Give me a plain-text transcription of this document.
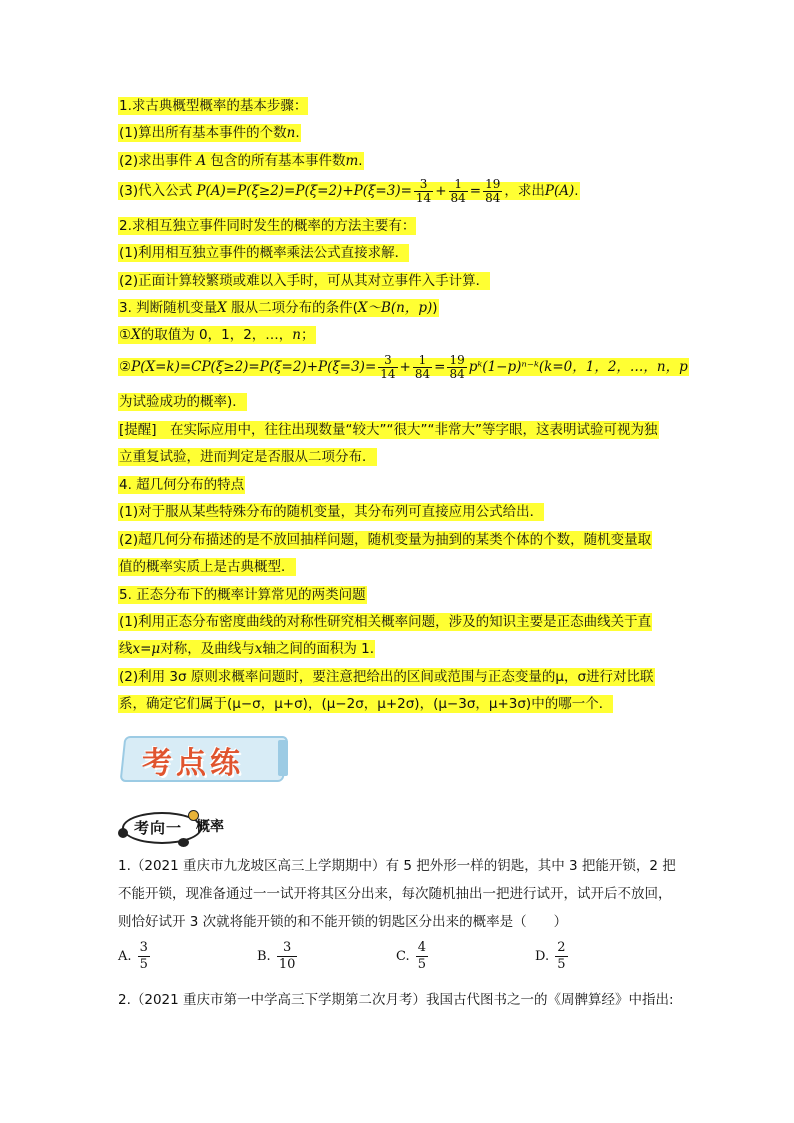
1.求古典概型概率的基本步骤：
(1)算出所有基本事件的个数n.
(2)求出事件 A 包含的所有基本事件数m.
(3)代入公式 $P(A)=P(\xi\ge 2)=P(\xi=2)+P(\xi=3)= \frac{3}{14} + \frac{1}{84} = \frac{19}{84}$ ，求出P(A).
2.求相互独立事件同时发生的概率的方法主要有：
(1)利用相互独立事件的概率乘法公式直接求解．
(2)正面计算较繁琐或难以入手时，可从其对立事件入手计算．
3. 判断随机变量X 服从二项分布的条件(X～B(n，p))
①X的取值为 0，1，2，…，n；
②P(X=k)=CP(ξ≥2)=P(ξ=2)+P(ξ=3)= $\frac{3}{14} + \frac{1}{84} = \frac{19}{84}$ pᵏ(1−p)ⁿ⁻ᵏ(k=0，1，2，…，n，p
为试验成功的概率)．
[提醒]　在实际应用中，往往出现数量“较大”“很大”“非常大”等字眼，这表明试验可视为独
立重复试验，进而判定是否服从二项分布．
4. 超几何分布的特点
(1)对于服从某些特殊分布的随机变量，其分布列可直接应用公式给出．
(2)超几何分布描述的是不放回抽样问题，随机变量为抽到的某类个体的个数，随机变量取
值的概率实质上是古典概型．
5. 正态分布下的概率计算常见的两类问题
(1)利用正态分布密度曲线的对称性研究相关概率问题，涉及的知识主要是正态曲线关于直
线x=μ对称，及曲线与x轴之间的面积为 1.
(2)利用 3σ 原则求概率问题时，要注意把给出的区间或范围与正态变量的μ，σ进行对比联
系，确定它们属于(μ−σ，μ+σ)，(μ−2σ，μ+2σ)，(μ−3σ，μ+3σ)中的哪一个．
考点练
考向一 概率
1.（2021 重庆市九龙坡区高三上学期期中）有 5 把外形一样的钥匙，其中 3 把能开锁，2 把
不能开锁，现准备通过一一试开将其区分出来，每次随机抽出一把进行试开，试开后不放回，
则恰好试开 3 次就将能开锁的和不能开锁的钥匙区分出来的概率是（　　）
A. $\frac{3}{5}$	B. $\frac{3}{10}$	C. $\frac{4}{5}$	D. $\frac{2}{5}$
2.（2021 重庆市第一中学高三下学期第二次月考）我国古代图书之一的《周髀算经》中指出:
